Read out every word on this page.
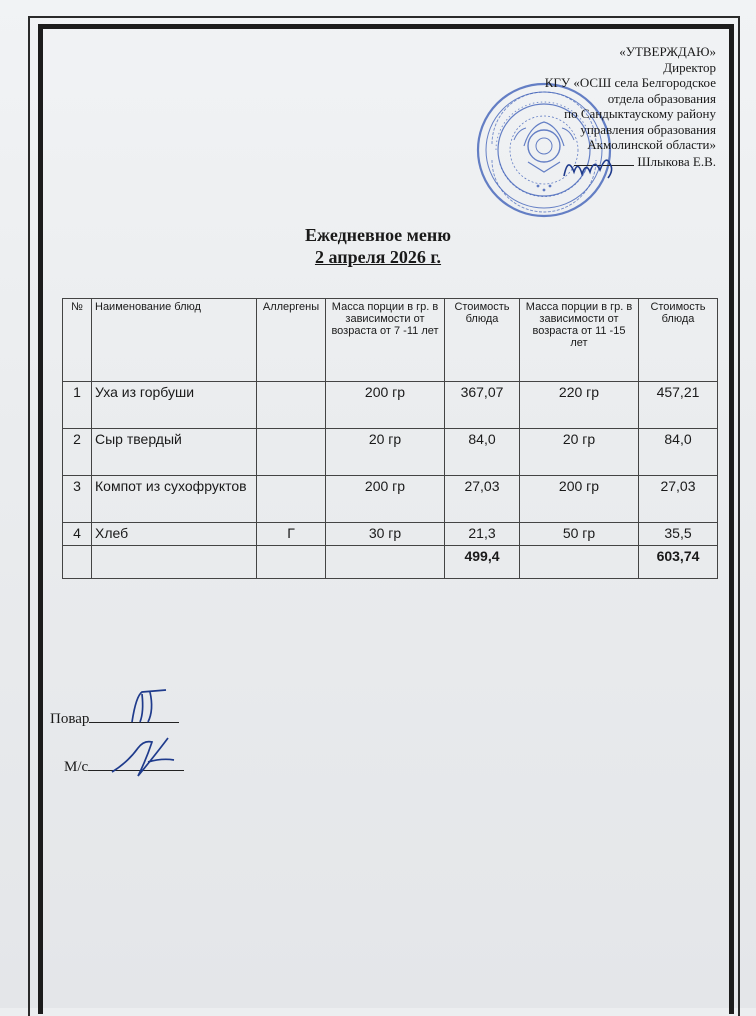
«УТВЕРЖДАЮ»
Директор
КГУ «ОСШ села Белгородское
отдела образования
по Сандыктаускому району
управления образования
Акмолинской области»
Шлыкова Е.В.
Ежедневное меню
2 апреля 2026 г.
№	Наименование блюд	Аллергены	Масса порции в гр. в зависимости от возраста от 7 -11 лет	Стоимость блюда	Масса порции в гр. в зависимости от возраста от 11 -15 лет	Стоимость блюда
1	Уха из горбуши		200 гр	367,07	220 гр	457,21
2	Сыр твердый		20 гр	84,0	20 гр	84,0
3	Компот из сухофруктов		200 гр	27,03	200 гр	27,03
4	Хлеб	Г	30 гр	21,3	50 гр	35,5
				499,4		603,74
Повар
М/с
